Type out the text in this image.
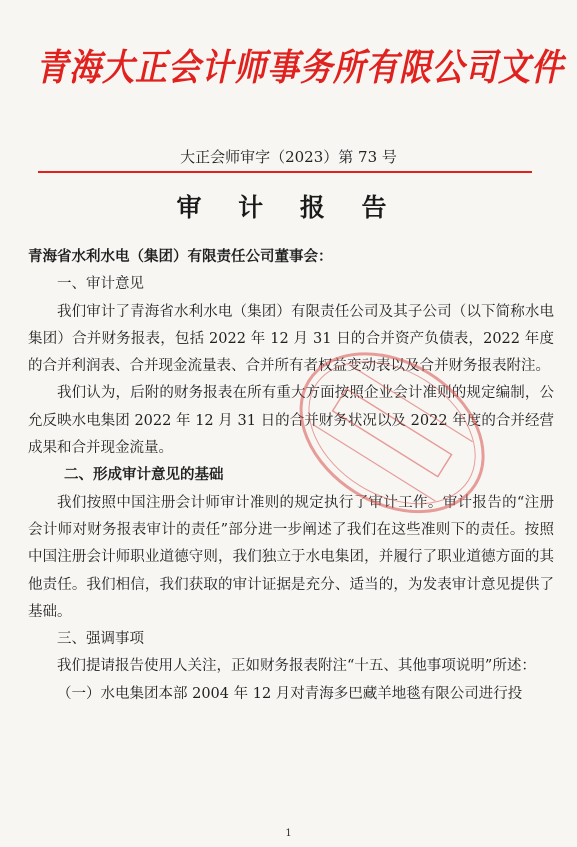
青海大正会计师事务所有限公司文件
大正会师审字（2023）第 73 号
审 计 报 告

青海省水利水电（集团）有限责任公司董事会：

一、审计意见

我们审计了青海省水利水电（集团）有限责任公司及其子公司（以下简称水电集团）合并财务报表，包括 2022 年 12 月 31 日的合并资产负债表，2022 年度的合并利润表、合并现金流量表、合并所有者权益变动表以及合并财务报表附注。

我们认为，后附的财务报表在所有重大方面按照企业会计准则的规定编制，公允反映水电集团 2022 年 12 月 31 日的合并财务状况以及 2022 年度的合并经营成果和合并现金流量。

二、形成审计意见的基础

我们按照中国注册会计师审计准则的规定执行了审计工作。审计报告的“注册会计师对财务报表审计的责任”部分进一步阐述了我们在这些准则下的责任。按照中国注册会计师职业道德守则，我们独立于水电集团，并履行了职业道德方面的其他责任。我们相信，我们获取的审计证据是充分、适当的，为发表审计意见提供了基础。

三、强调事项

我们提请报告使用人关注，正如财务报表附注“十五、其他事项说明”所述：

（一）水电集团本部 2004 年 12 月对青海多巴藏羊地毯有限公司进行投

1
